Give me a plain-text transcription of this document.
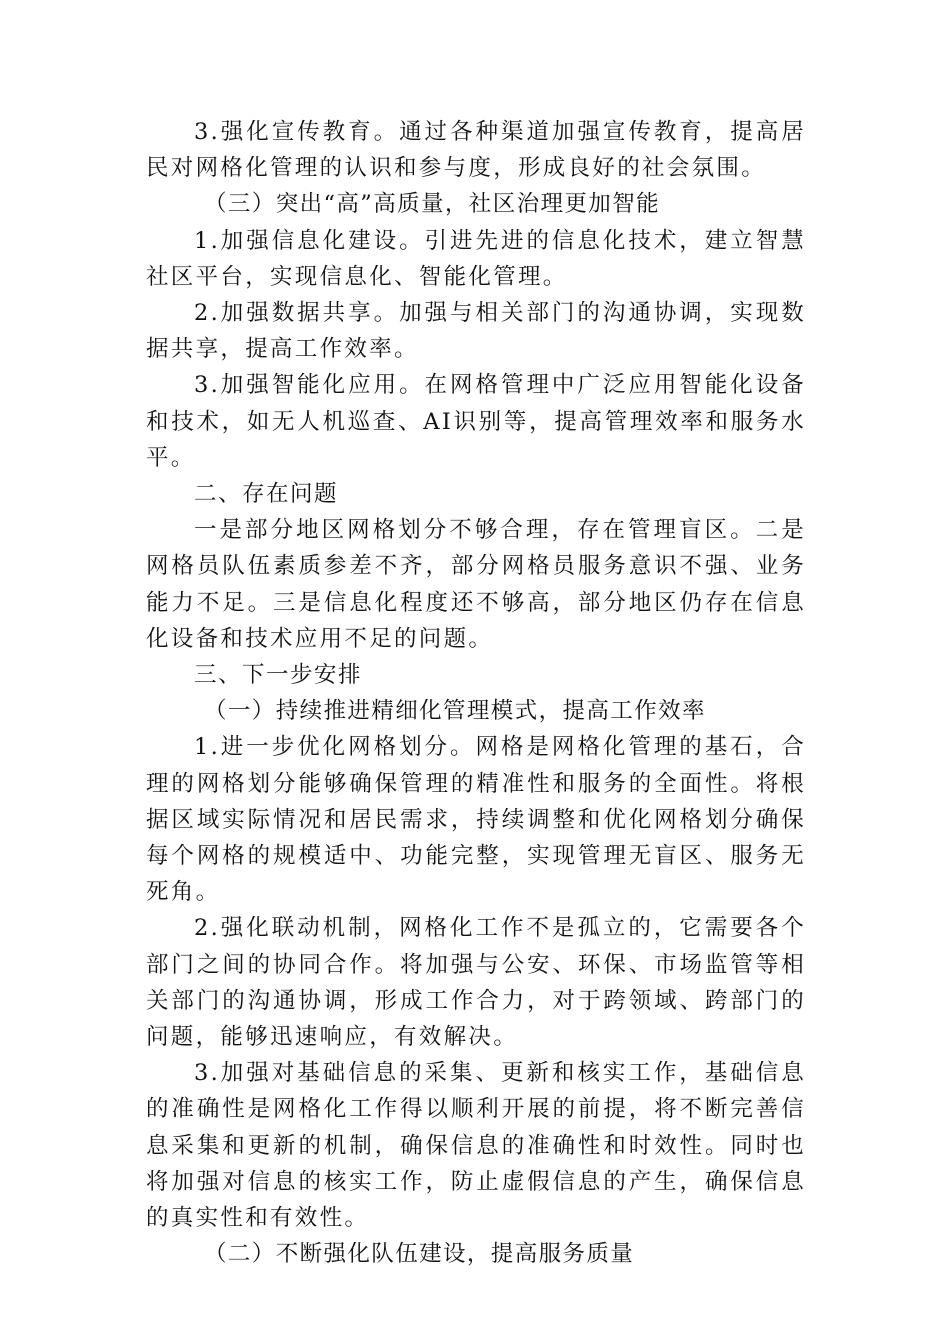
3.强化宣传教育。通过各种渠道加强宣传教育，提高居民对网格化管理的认识和参与度，形成良好的社会氛围。

（三）突出“高”高质量，社区治理更加智能

1.加强信息化建设。引进先进的信息化技术，建立智慧社区平台，实现信息化、智能化管理。

2.加强数据共享。加强与相关部门的沟通协调，实现数据共享，提高工作效率。

3.加强智能化应用。在网格管理中广泛应用智能化设备和技术，如无人机巡查、AI识别等，提高管理效率和服务水平。

二、存在问题

一是部分地区网格划分不够合理，存在管理盲区。二是网格员队伍素质参差不齐，部分网格员服务意识不强、业务能力不足。三是信息化程度还不够高，部分地区仍存在信息化设备和技术应用不足的问题。

三、下一步安排

（一）持续推进精细化管理模式，提高工作效率

1.进一步优化网格划分。网格是网格化管理的基石，合理的网格划分能够确保管理的精准性和服务的全面性。将根据区域实际情况和居民需求，持续调整和优化网格划分确保每个网格的规模适中、功能完整，实现管理无盲区、服务无死角。

2.强化联动机制，网格化工作不是孤立的，它需要各个部门之间的协同合作。将加强与公安、环保、市场监管等相关部门的沟通协调，形成工作合力，对于跨领域、跨部门的问题，能够迅速响应，有效解决。

3.加强对基础信息的采集、更新和核实工作，基础信息的准确性是网格化工作得以顺利开展的前提，将不断完善信息采集和更新的机制，确保信息的准确性和时效性。同时也将加强对信息的核实工作，防止虚假信息的产生，确保信息的真实性和有效性。

（二）不断强化队伍建设，提高服务质量
